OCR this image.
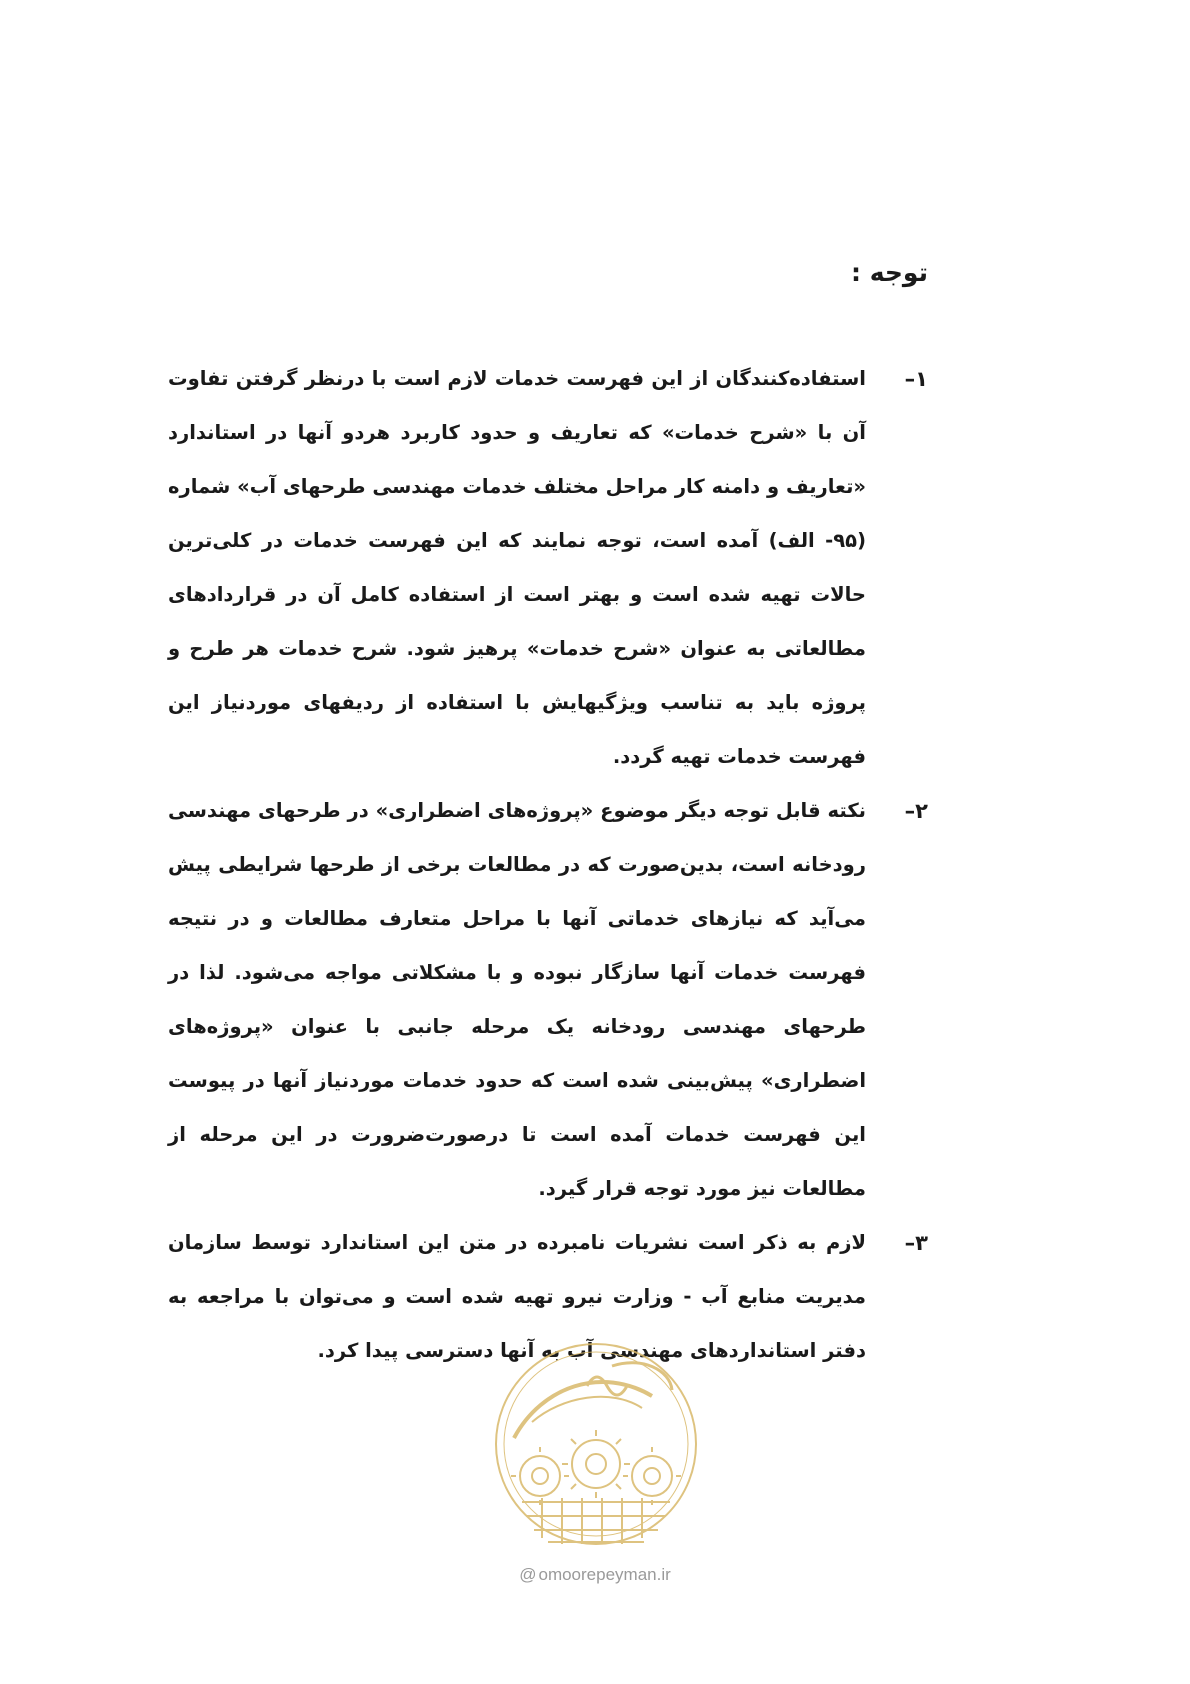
توجه :
۱–
استفاده‌کنندگان از این فهرست خدمات لازم است با درنظر گرفتن تفاوت آن با «شرح خدمات» که تعاریف و حدود کاربرد هردو آنها در استاندارد «تعاریف و دامنه کار مراحل مختلف خدمات مهندسی طرحهای آب» شماره (۹۵- الف) آمده است، توجه نمایند که این فهرست خدمات در کلی‌ترین حالات تهیه شده است و بهتر است از استفاده کامل آن در قراردادهای مطالعاتی به عنوان «شرح خدمات» پرهیز شود. شرح خدمات هر طرح و پروژه باید به تناسب ویژگیهایش با استفاده از ردیفهای موردنیاز این فهرست خدمات تهیه گردد.
۲–
نکته قابل توجه دیگر موضوع «پروژه‌های اضطراری» در طرحهای مهندسی رودخانه است، بدین‌صورت که در مطالعات برخی از طرحها شرایطی پیش می‌آید که نیازهای خدماتی آنها با مراحل متعارف مطالعات و در نتیجه فهرست خدمات آنها سازگار نبوده و با مشکلاتی مواجه می‌شود. لذا در طرحهای مهندسی رودخانه یک مرحله جانبی با عنوان «پروژه‌های اضطراری» پیش‌بینی شده است که حدود خدمات موردنیاز آنها در پیوست این فهرست خدمات آمده است تا درصورت‌ضرورت در این مرحله از مطالعات نیز مورد توجه قرار گیرد.
۳–
لازم به ذکر است نشریات نامبرده در متن این استاندارد توسط سازمان مدیریت منابع آب - وزارت نیرو تهیه شده است و می‌توان با مراجعه به دفتر استانداردهای مهندسی آب به آنها دسترسی پیدا کرد.
@ omoorepeyman.ir
